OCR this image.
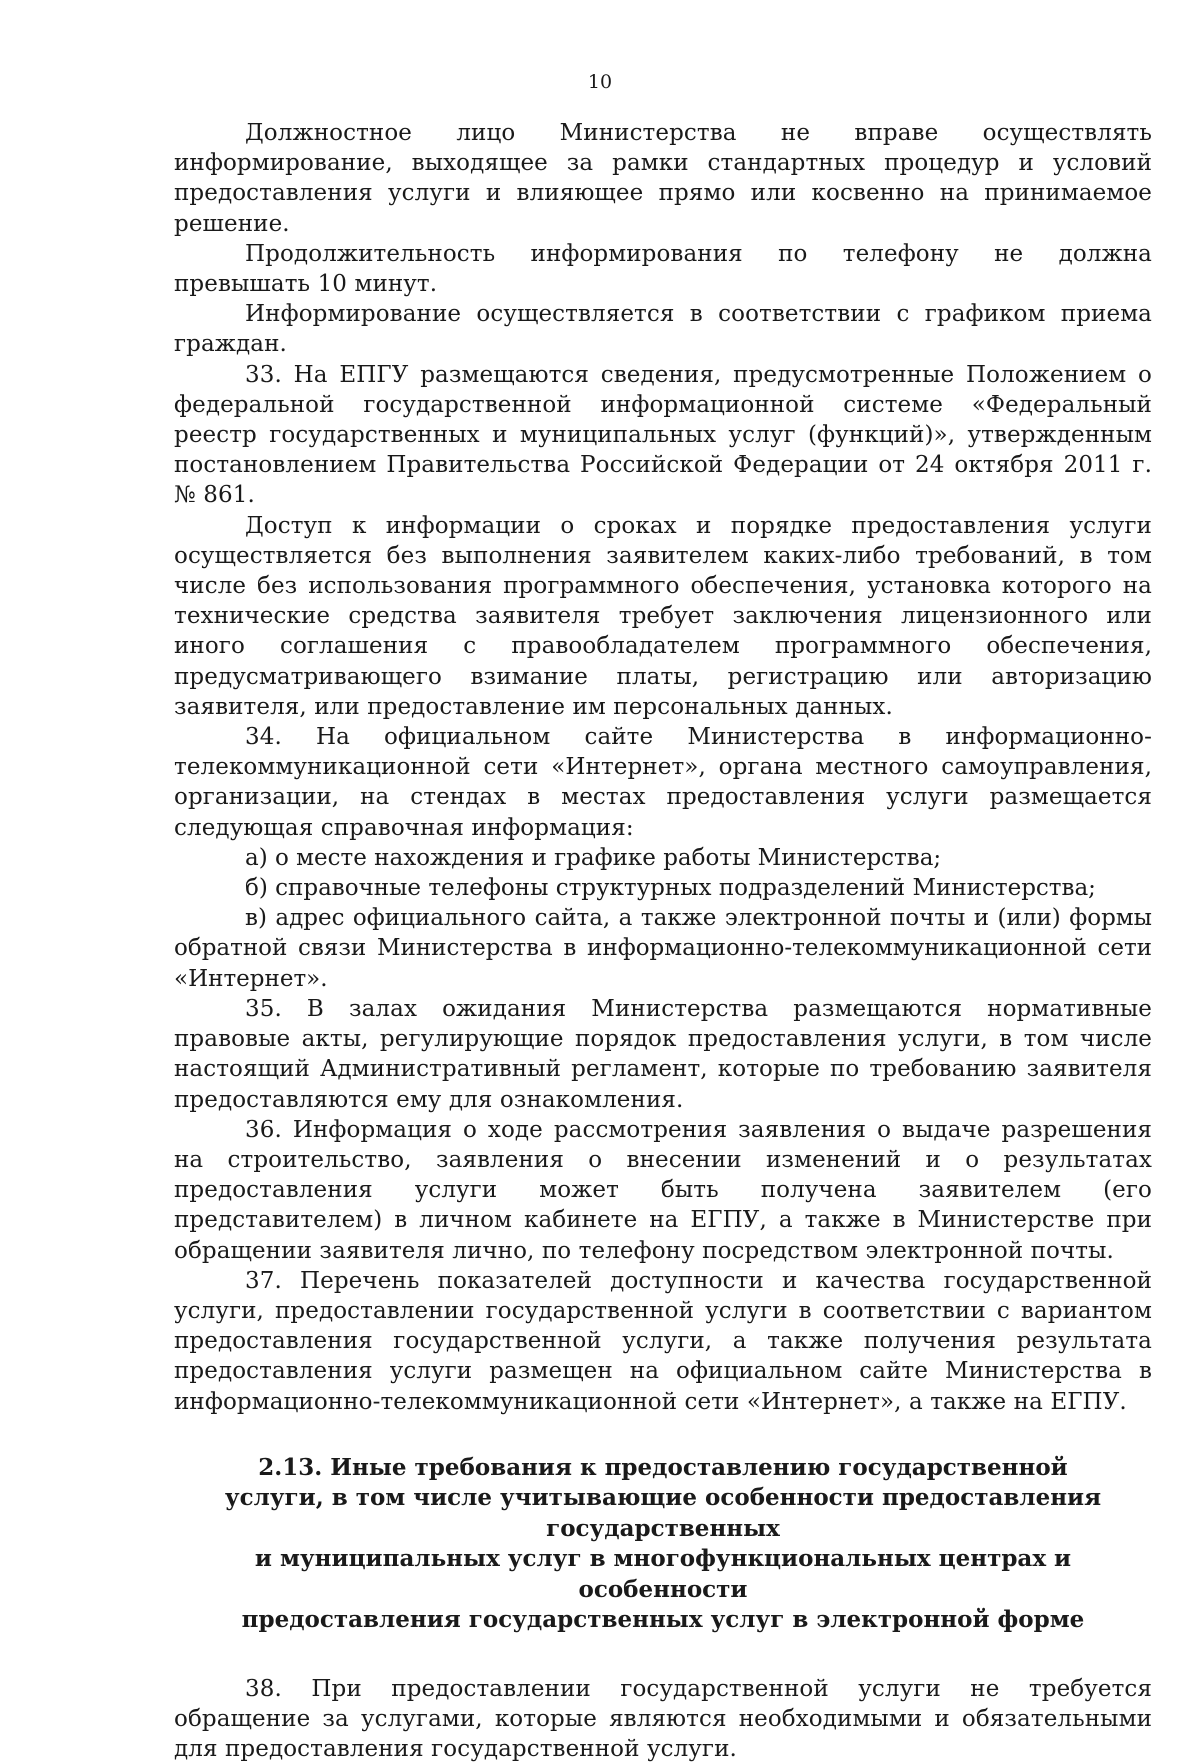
10

Должностное лицо Министерства не вправе осуществлять информирование, выходящее за рамки стандартных процедур и условий предоставления услуги и влияющее прямо или косвенно на принимаемое решение.

Продолжительность информирования по телефону не должна превышать 10 минут.

Информирование осуществляется в соответствии с графиком приема граждан.

33. На ЕПГУ размещаются сведения, предусмотренные Положением о федеральной государственной информационной системе «Федеральный реестр государственных и муниципальных услуг (функций)», утвержденным постановлением Правительства Российской Федерации от 24 октября 2011 г. № 861.

Доступ к информации о сроках и порядке предоставления услуги осуществляется без выполнения заявителем каких-либо требований, в том числе без использования программного обеспечения, установка которого на технические средства заявителя требует заключения лицензионного или иного соглашения с правообладателем программного обеспечения, предусматривающего взимание платы, регистрацию или авторизацию заявителя, или предоставление им персональных данных.

34. На официальном сайте Министерства в информационно-телекоммуникационной сети «Интернет», органа местного самоуправления, организации, на стендах в местах предоставления услуги размещается следующая справочная информация:

а) о месте нахождения и графике работы Министерства;

б) справочные телефоны структурных подразделений Министерства;

в) адрес официального сайта, а также электронной почты и (или) формы обратной связи Министерства в информационно-телекоммуникационной сети «Интернет».

35. В залах ожидания Министерства размещаются нормативные правовые акты, регулирующие порядок предоставления услуги, в том числе настоящий Административный регламент, которые по требованию заявителя предоставляются ему для ознакомления.

36. Информация о ходе рассмотрения заявления о выдаче разрешения на строительство, заявления о внесении изменений и о результатах предоставления услуги может быть получена заявителем (его представителем) в личном кабинете на ЕГПУ, а также в Министерстве при обращении заявителя лично, по телефону посредством электронной почты.

37. Перечень показателей доступности и качества государственной услуги, предоставлении государственной услуги в соответствии с вариантом предоставления государственной услуги, а также получения результата предоставления услуги размещен на официальном сайте Министерства в информационно-телекоммуникационной сети «Интернет», а также на ЕГПУ.

2.13. Иные требования к предоставлению государственной
услуги, в том числе учитывающие особенности предоставления государственных
и муниципальных услуг в многофункциональных центрах и особенности
предоставления государственных услуг в электронной форме

38. При предоставлении государственной услуги не требуется обращение за услугами, которые являются необходимыми и обязательными для предоставления государственной услуги.
